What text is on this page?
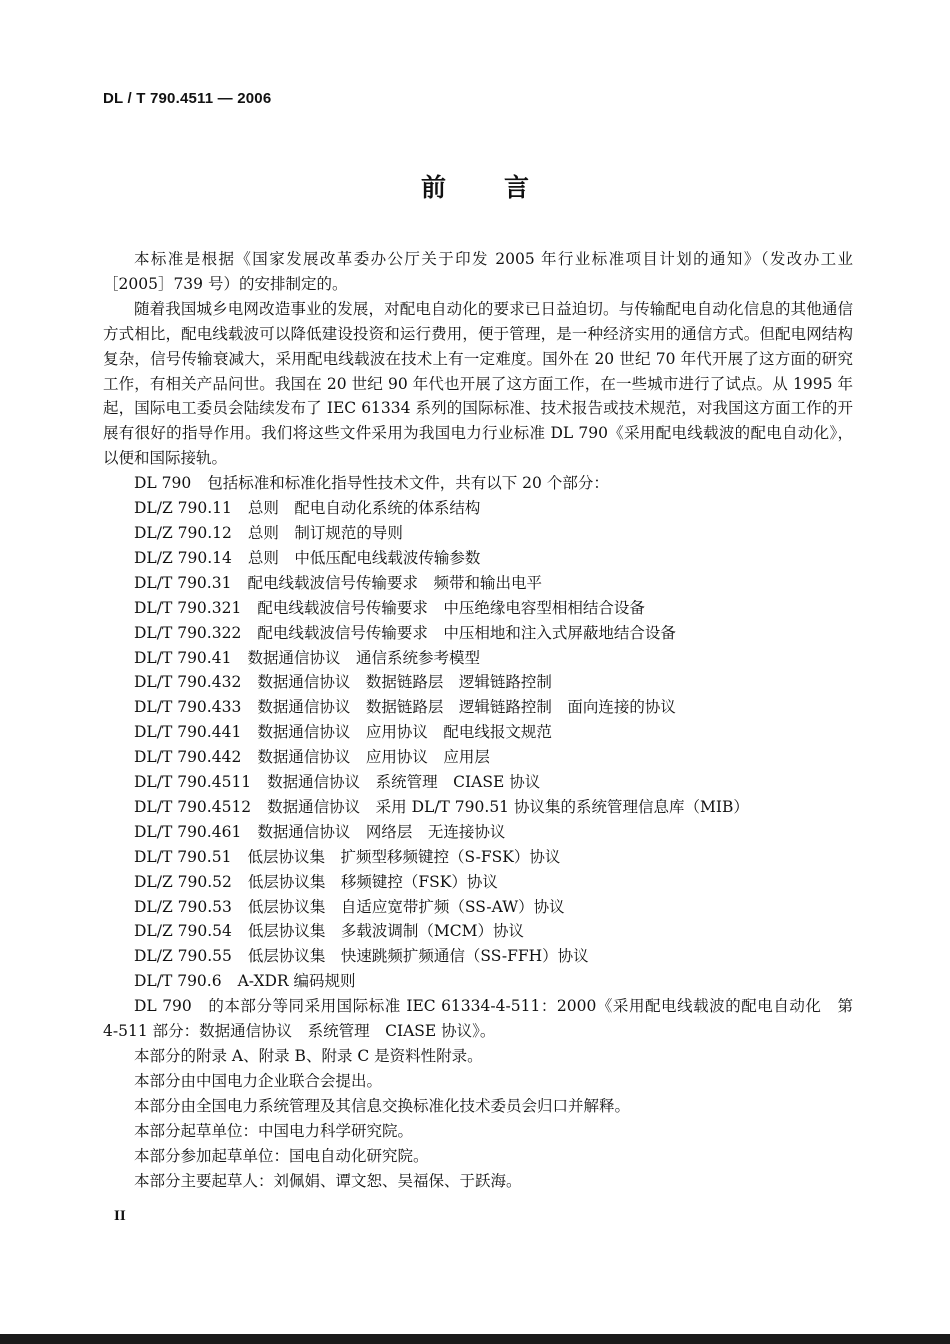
DL / T 790.4511 — 2006
前言

本标准是根据《国家发展改革委办公厅关于印发 2005 年行业标准项目计划的通知》（发改办工业［2005］739 号）的安排制定的。

随着我国城乡电网改造事业的发展，对配电自动化的要求已日益迫切。与传输配电自动化信息的其他通信方式相比，配电线载波可以降低建设投资和运行费用，便于管理，是一种经济实用的通信方式。但配电网结构复杂，信号传输衰减大，采用配电线载波在技术上有一定难度。国外在 20 世纪 70 年代开展了这方面的研究工作，有相关产品问世。我国在 20 世纪 90 年代也开展了这方面工作，在一些城市进行了试点。从 1995 年起，国际电工委员会陆续发布了 IEC 61334 系列的国际标准、技术报告或技术规范，对我国这方面工作的开展有很好的指导作用。我们将这些文件采用为我国电力行业标准 DL 790《采用配电线载波的配电自动化》，以便和国际接轨。

DL 790 包括标准和标准化指导性技术文件，共有以下 20 个部分：

DL/Z 790.11 总则　配电自动化系统的体系结构

DL/Z 790.12 总则　制订规范的导则

DL/Z 790.14 总则　中低压配电线载波传输参数

DL/T 790.31 配电线载波信号传输要求　频带和输出电平

DL/T 790.321 配电线载波信号传输要求　中压绝缘电容型相相结合设备

DL/T 790.322 配电线载波信号传输要求　中压相地和注入式屏蔽地结合设备

DL/T 790.41 数据通信协议　通信系统参考模型

DL/T 790.432 数据通信协议　数据链路层　逻辑链路控制

DL/T 790.433 数据通信协议　数据链路层　逻辑链路控制　面向连接的协议

DL/T 790.441 数据通信协议　应用协议　配电线报文规范

DL/T 790.442 数据通信协议　应用协议　应用层

DL/T 790.4511 数据通信协议　系统管理　CIASE 协议

DL/T 790.4512 数据通信协议　采用 DL/T 790.51 协议集的系统管理信息库（MIB）

DL/T 790.461 数据通信协议　网络层　无连接协议

DL/T 790.51 低层协议集　扩频型移频键控（S-FSK）协议

DL/Z 790.52 低层协议集　移频键控（FSK）协议

DL/Z 790.53 低层协议集　自适应宽带扩频（SS-AW）协议

DL/Z 790.54 低层协议集　多载波调制（MCM）协议

DL/Z 790.55 低层协议集　快速跳频扩频通信（SS-FFH）协议

DL/T 790.6 A-XDR 编码规则

DL 790　的本部分等同采用国际标准 IEC 61334-4-511：2000《采用配电线载波的配电自动化　第 4-511 部分：数据通信协议　系统管理　CIASE 协议》。

本部分的附录 A、附录 B、附录 C 是资料性附录。

本部分由中国电力企业联合会提出。

本部分由全国电力系统管理及其信息交换标准化技术委员会归口并解释。

本部分起草单位：中国电力科学研究院。

本部分参加起草单位：国电自动化研究院。

本部分主要起草人：刘佩娟、谭文恕、吴福保、于跃海。

II
